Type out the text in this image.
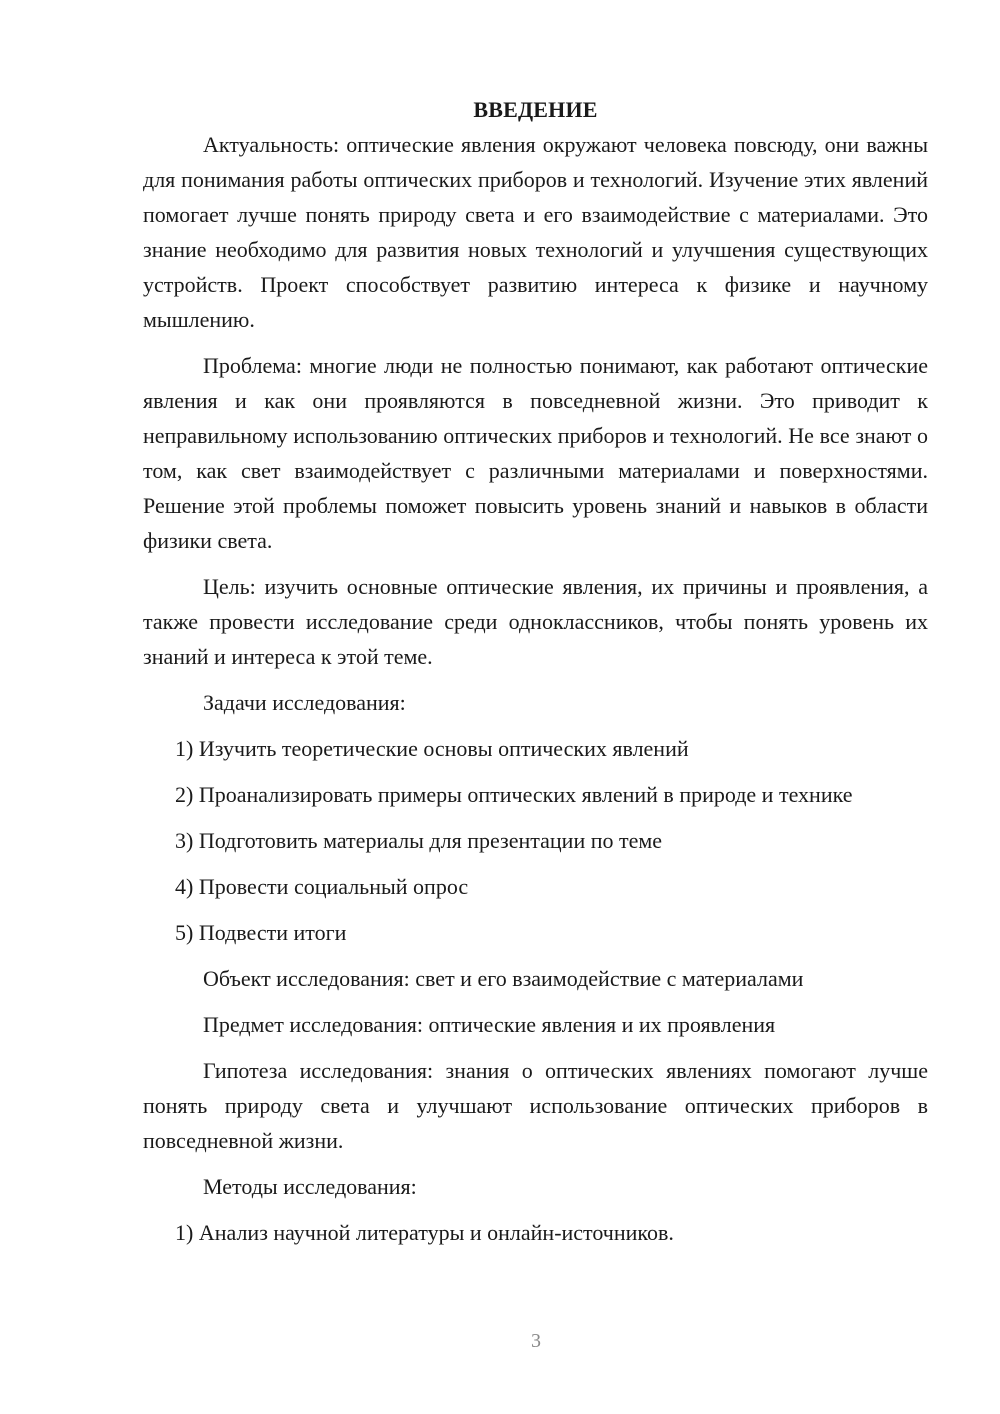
ВВЕДЕНИЕ

Актуальность: оптические явления окружают человека повсюду, они важны для понимания работы оптических приборов и технологий. Изучение этих явлений помогает лучше понять природу света и его взаимодействие с материалами. Это знание необходимо для развития новых технологий и улучшения существующих устройств. Проект способствует развитию интереса к физике и научному мышлению.

Проблема: многие люди не полностью понимают, как работают оптические явления и как они проявляются в повседневной жизни. Это приводит к неправильному использованию оптических приборов и технологий. Не все знают о том, как свет взаимодействует с различными материалами и поверхностями. Решение этой проблемы поможет повысить уровень знаний и навыков в области физики света.

Цель: изучить основные оптические явления, их причины и проявления, а также провести исследование среди одноклассников, чтобы понять уровень их знаний и интереса к этой теме.

Задачи исследования:

1) Изучить теоретические основы оптических явлений

2) Проанализировать примеры оптических явлений в природе и технике

3) Подготовить материалы для презентации по теме

4) Провести социальный опрос

5) Подвести итоги

Объект исследования: свет и его взаимодействие с материалами

Предмет исследования: оптические явления и их проявления

Гипотеза исследования: знания о оптических явлениях помогают лучше понять природу света и улучшают использование оптических приборов в повседневной жизни.

Методы исследования:

1) Анализ научной литературы и онлайн-источников.

3
